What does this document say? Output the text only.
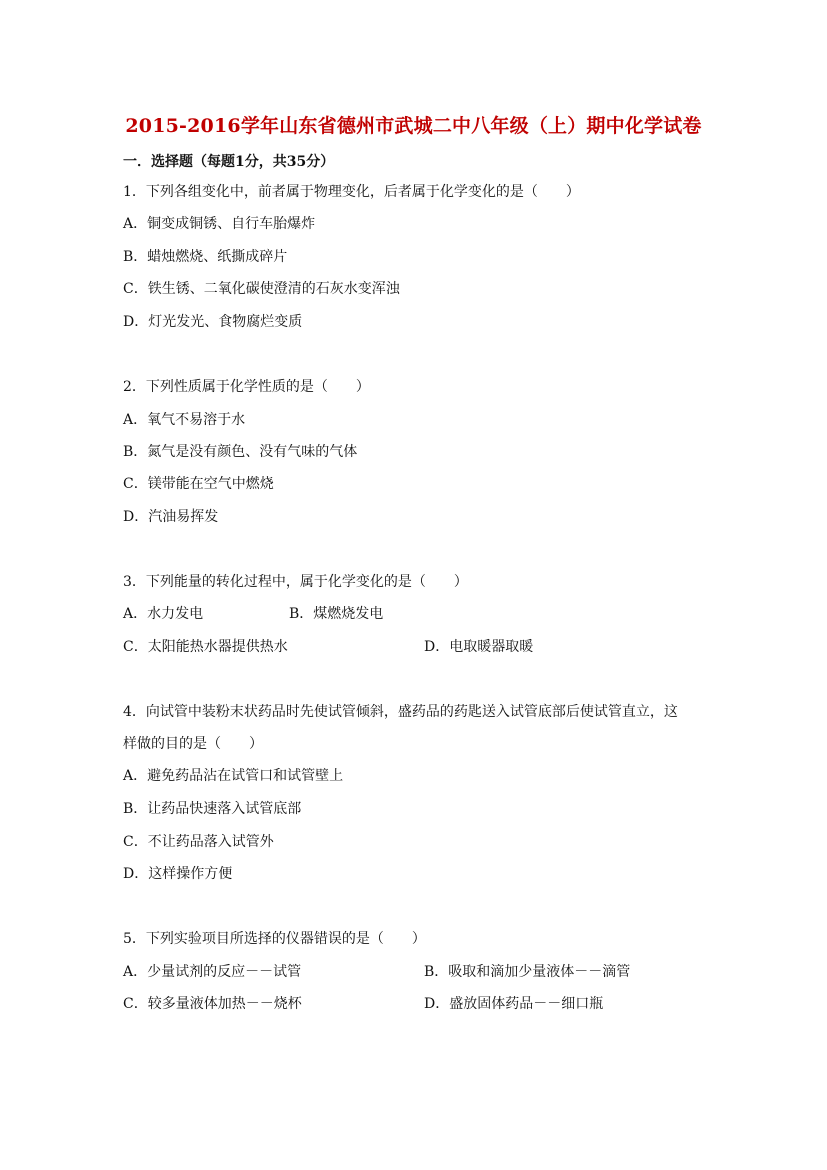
2015-2016学年山东省德州市武城二中八年级（上）期中化学试卷
一．选择题（每题1分，共35分）
1．下列各组变化中，前者属于物理变化，后者属于化学变化的是（　　）
A．铜变成铜锈、自行车胎爆炸
B．蜡烛燃烧、纸撕成碎片
C．铁生锈、二氧化碳使澄清的石灰水变浑浊
D．灯光发光、食物腐烂变质
2．下列性质属于化学性质的是（　　）
A．氧气不易溶于水
B．氮气是没有颜色、没有气味的气体
C．镁带能在空气中燃烧
D．汽油易挥发
3．下列能量的转化过程中，属于化学变化的是（　　）
A．水力发电	B．煤燃烧发电
C．太阳能热水器提供热水	D．电取暖器取暖
4．向试管中装粉末状药品时先使试管倾斜，盛药品的药匙送入试管底部后使试管直立，这
样做的目的是（　　）
A．避免药品沾在试管口和试管壁上
B．让药品快速落入试管底部
C．不让药品落入试管外
D．这样操作方便
5．下列实验项目所选择的仪器错误的是（　　）
A．少量试剂的反应－－试管	B．吸取和滴加少量液体－－滴管
C．较多量液体加热－－烧杯	D．盛放固体药品－－细口瓶
